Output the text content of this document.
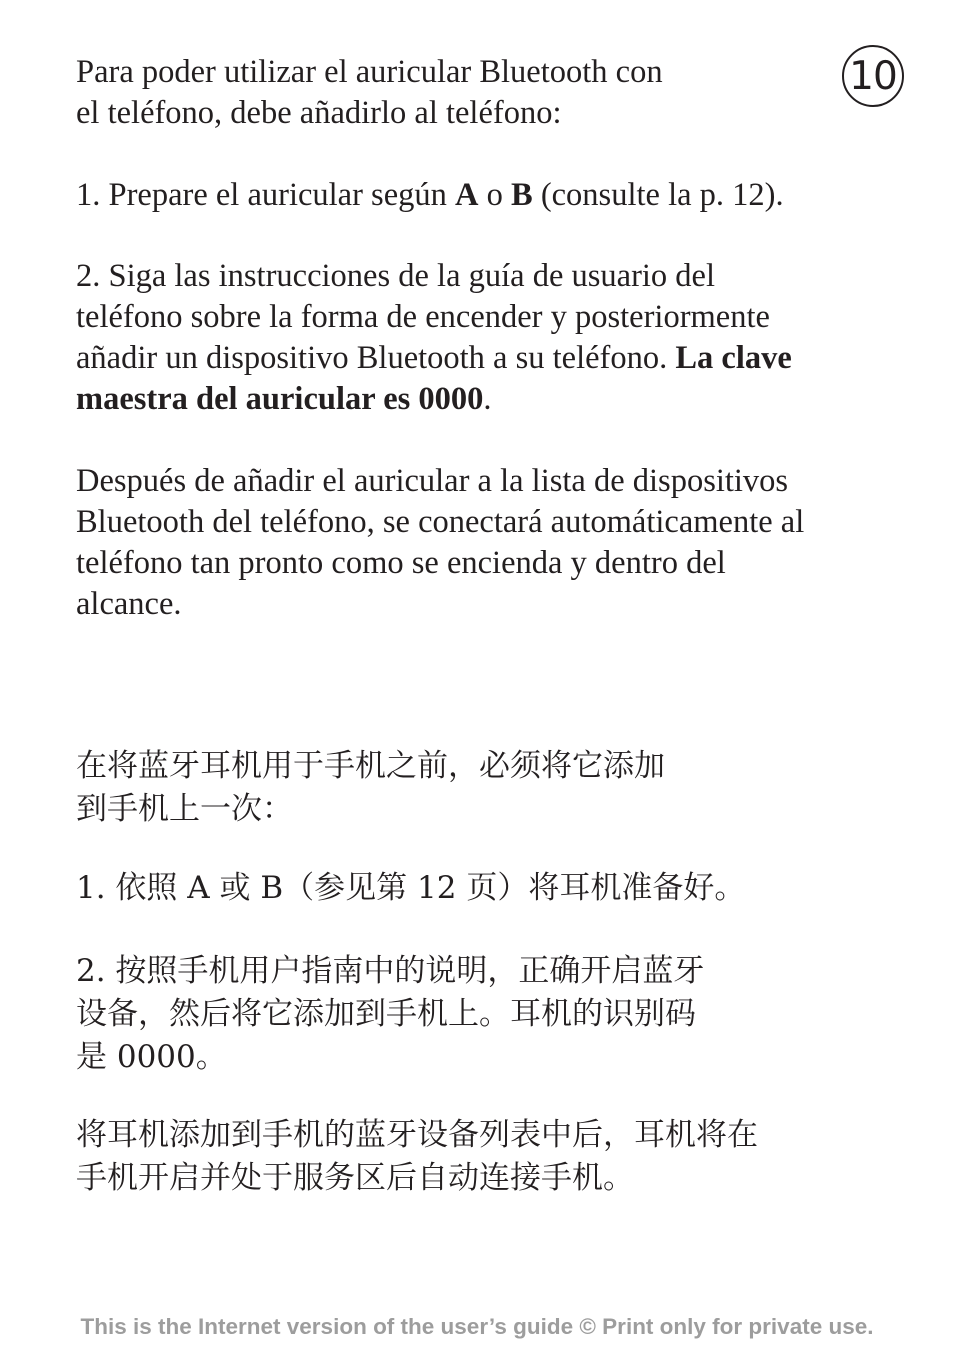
10

Para poder utilizar el auricular Bluetooth con
el teléfono, debe añadirlo al teléfono:

1. Prepare el auricular según A o B (consulte la p. 12).

2. Siga las instrucciones de la guía de usuario del
teléfono sobre la forma de encender y posteriormente
añadir un dispositivo Bluetooth a su teléfono. La clave
maestra del auricular es 0000.

Después de añadir el auricular a la lista de dispositivos
Bluetooth del teléfono, se conectará automáticamente al
teléfono tan pronto como se encienda y dentro del
alcance.

在将蓝牙耳机用于手机之前，必须将它添加
到手机上一次：

1. 依照 A 或 B（参见第 12 页）将耳机准备好。

2. 按照手机用户指南中的说明，正确开启蓝牙
设备，然后将它添加到手机上。耳机的识别码
是 0000。

将耳机添加到手机的蓝牙设备列表中后，耳机将在
手机开启并处于服务区后自动连接手机。

This is the Internet version of the user’s guide © Print only for private use.
